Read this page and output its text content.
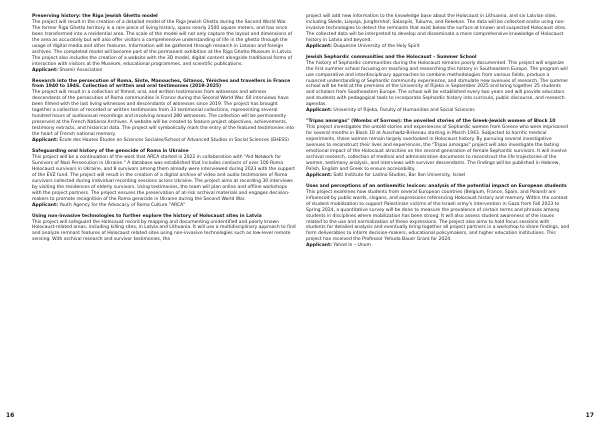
Preserving history: the Riga Jewish Ghetto model

The project will result in the creation of a detailed model of the Riga Jewish Ghetto during the Second World War. The former Riga Ghetto territory is a rare piece of living history, spans nearly 2500 square meters, and has since been transformed into a residential area. The scale of the model will not only capture the layout and dimensions of the area as accurately but will also offer visitors a comprehensive understanding of life in the ghetto through the usage of digital media and other features. Information will be gathered through research in Latvian and foreign archives. The completed model will become part of the permanent exhibition at the Riga Ghetto Museum in Latvia. The project also includes the creation of a website with the 3D model, digital content alongside traditional forms of interaction with visitors at the Museum, educational programmes, and scientific publications.

Applicant: Shamir Association

Research into the persecution of Roma, Sinte, Manouches, Gitanos, Yéniches and travellers in France from 1940 to 1946. Collection of written and oral testimonies (2019-2025)

The project will result in a collection of filmed, oral, and written testimonies from witnesses and witness descendants of the persecution of Roma communities in France during the Second World War. 60 interviews have been filmed with the last living witnesses and descendants of witnesses since 2019. The project has brought together a collection of recorded or written testimonies from 33 testimonial collections, representing several hundred hours of audiovisual recordings and involving around 280 witnesses. The collection will be permanently preserved at the French National Archives. A website will be created to feature project objectives, achievements, testimony extracts, and historical data. The project will symbolically mark the entry of the featured testimonies into the heart of French national memory.

Applicant: École des Hautes Études en Sciences Sociales/School of Advanced Studies in Social Sciences (EHESS)

Safeguarding oral history of the genocide of Roma in Ukraine

This project will be a continuation of the work that ARCA started in 2022 in collaboration with "Aid Network for Survivors of Nazi Persecution in Ukraine." A database was established that includes contacts of over 100 Roma Holocaust survivors in Ukraine, and 8 survivors among them already were interviewed during 2023 with the support of the EVZ fund. The project will result in the creation of a digital archive of video and audio testimonies of Roma survivors collected during individual recording sessions across Ukraine. The project aims at recording 30 interviews by visiting the residences of elderly survivors. Using testimonies, the team will plan online and offline workshops with the project partners. The project ensures the preservation of at-risk archival materials and engages decision-makers to promote recognition of the Roma genocide in Ukraine during the Second World War.

Applicant: Youth Agency for the Advocacy of Roma Culture "ARCA"

Using non-invasive technologies to further explore the history of Holocaust sites in Latvia

This project will safeguard the Holocaust record by mapping and documenting unidentified and poorly known Holocaust-related areas, including killing sites, in Latvia and Lithuania. It will use a multidisciplinary approach to find and analyze remnant features of Holocaust related sites using non-invasive technologies such as low-level remote sensing. With archival research and survivor testimonies, the

project will add new information to the knowledge base about the Holocaust in Lithuania, and six Latvian sites, including Skede, Liepaja, Jungfernhof, Salaspils, Tukums, and Rekekne. The data will be collected onsite using non-invasive technologies to detect the remnants that exist below the surface at known and suspected Holocaust sites. The collected data will be interpreted to develop and disseminate a more comprehensive knowledge of Holocaust history in Latvia and beyond.

Applicant: Duquesne University of the Holy Spirit

Jewish Sephardic communities and the Holocaust – Summer School

The history of Sephardic communities during the Holocaust remains poorly documented. This project will organize the first summer school focusing on teaching and researching this history in Southeastern Europe. The program will use comparative and interdisciplinary approaches to combine methodologies from various fields, produce a nuanced understanding of Sephardic community experiences, and stimulate new avenues of research. The summer school will be held at the premises of the University of Rijeka in September 2025 and bring together 25 students and scholars from Southeastern Europe. The school will be established every two years and will provide educators and students with pedagogical tools to incorporate Sephardic history into curricula, public discourse, and research agendas.

Applicant: University of Rijeka, Faculty of Humanities and Social Sciences

"Tripas amargas" (Wombs of Sorrow): the unveiled stories of the Greek-Jewish women of Block 10

This project investigates the untold stories and experiences of Sephardic women from Greece who were imprisoned for several months in Block 10 at Auschwitz-Birkenau starting in March 1943. Subjected to horrific medical experiments, these women remain largely overlooked in Holocaust history. By pursuing several investigative avenues to reconstruct their lives and experiences, the "Tripas amargas" project will also investigate the lasting emotional impact of the Holocaust atrocities on the second generation of female Sephardic survivors. It will involve archival research, collection of medical and administrative documents to reconstruct the life trajectories of the women, testimony analysis, and interviews with survivor descendants. The findings will be published in Hebrew, Polish, English and Greek to ensure accessibility.

Applicant: Salti Institute for Ladino Studies, Bar Ilan University, Israel

Uses and perceptions of an antisemitic lexicon: analysis of the potential impact on European students

This project examines how students from several European countries (Belgium, France, Spain, and Poland) are influenced by public words, slogans, and expressions referencing Holocaust history and memory. Within the context of student mobilization to support Palestinian victims of the Israeli army's intervention in Gaza from Fall 2023 to Spring 2024, a quantitative survey will be done to measure the prevalence of certain terms and phrases among students in disciplines where mobilization has been strong. It will also assess student awareness of the issues related to the use and normalization of these expressions. The project also aims to hold focus sessions with students for detailed analysis and eventually bring together all project partners in a workshop to share findings, and form deliverables to inform decision-makers, educational policymakers, and higher education institutions. This project has received the Professor Yehuda Bauer Grant for 2024.

Applicant: Yahad In – Unum

16	17
